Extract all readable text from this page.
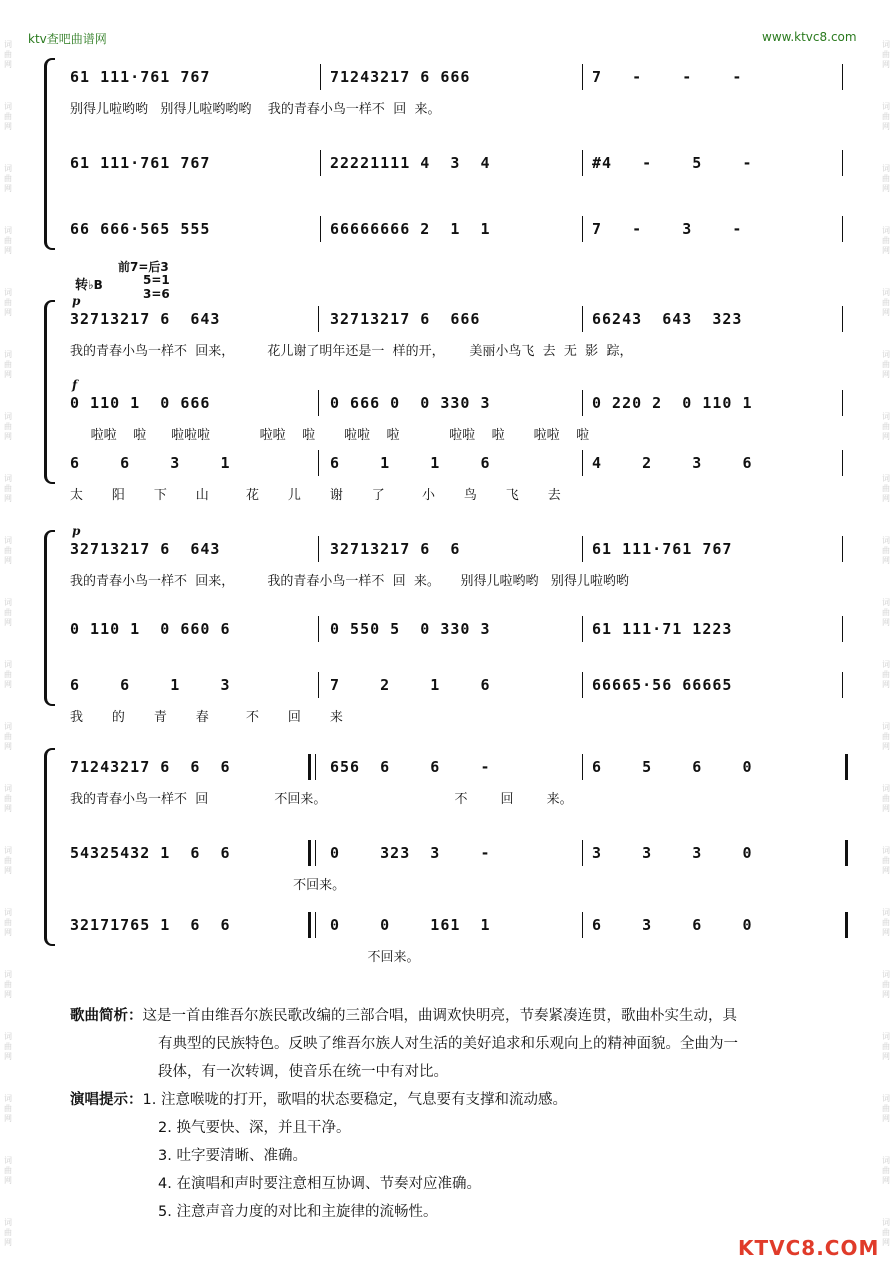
ktv查吧曲谱网	www.ktvc8.com
词
曲
网
词
曲
网
词
曲
网
词
曲
网
词
曲
网
词
曲
网
词
曲
网
词
曲
网
词
曲
网
词
曲
网
词
曲
网
词
曲
网
词
曲
网
词
曲
网
词
曲
网
词
曲
网
词
曲
网
词
曲
网
词
曲
网
词
曲
网
词
曲
网
词
曲
网
词
曲
网
词
曲
网
词
曲
网
词
曲
网
词
曲
网
词
曲
网
词
曲
网
词
曲
网
词
曲
网
词
曲
网
词
曲
网
词
曲
网
词
曲
网
词
曲
网
词
曲
网
词
曲
网
词
曲
网
词
曲
网
转♭B
前7=后3
5=1
3=6
61 111·761 767	71243217 6 666	7   -    -    -
别得儿啦哟哟   别得儿啦哟哟哟    我的青春小鸟一样不  回  来。
61 111·761 767	22221111 4  3  4	#4   -    5    -
66 666·565 555	66666666 2  1  1	7   -    3    -
32713217 6  643	32713217 6  666	66243  643  323
p
我的青春小鸟一样不  回来，        花儿谢了明年还是一  样的开，      美丽小鸟飞  去  无  影  踪，
0 110 1  0 666	0 666 0  0 330 3	0 220 2  0 110 1
f
啦啦    啦      啦啦啦            啦啦    啦       啦啦    啦            啦啦    啦       啦啦    啦
6    6    3    1	6    1    1    6	4    2    3    6
太       阳       下       山         花       儿       谢       了         小       鸟       飞       去
32713217 6  643	32713217 6  6	61 111·761 767
p
我的青春小鸟一样不  回来，        我的青春小鸟一样不  回  来。     别得儿啦哟哟   别得儿啦哟哟
0 110 1  0 660 6	0 550 5  0 330 3	61 111·71 1223
6    6    1    3	7    2    1    6	66665·56 66665
我       的       青       春         不       回       来
71243217 6  6  6	656  6    6    -	6    5    6    0
我的青春小鸟一样不  回                不回来。                               不        回        来。
54325432 1  6  6	0    323  3    -	3    3    3    0
不回来。
32171765 1  6  6	0    0    161  1	6    3    6    0
不回来。
歌曲简析：这是一首由维吾尔族民歌改编的三部合唱，曲调欢快明亮，节奏紧凑连贯，歌曲朴实生动，具
有典型的民族特色。反映了维吾尔族人对生活的美好追求和乐观向上的精神面貌。全曲为一
段体，有一次转调，使音乐在统一中有对比。
演唱提示：1. 注意喉咙的打开，歌唱的状态要稳定，气息要有支撑和流动感。
2. 换气要快、深，并且干净。
3. 吐字要清晰、准确。
4. 在演唱和声时要注意相互协调、节奏对应准确。
5. 注意声音力度的对比和主旋律的流畅性。
KTVC8.COM
